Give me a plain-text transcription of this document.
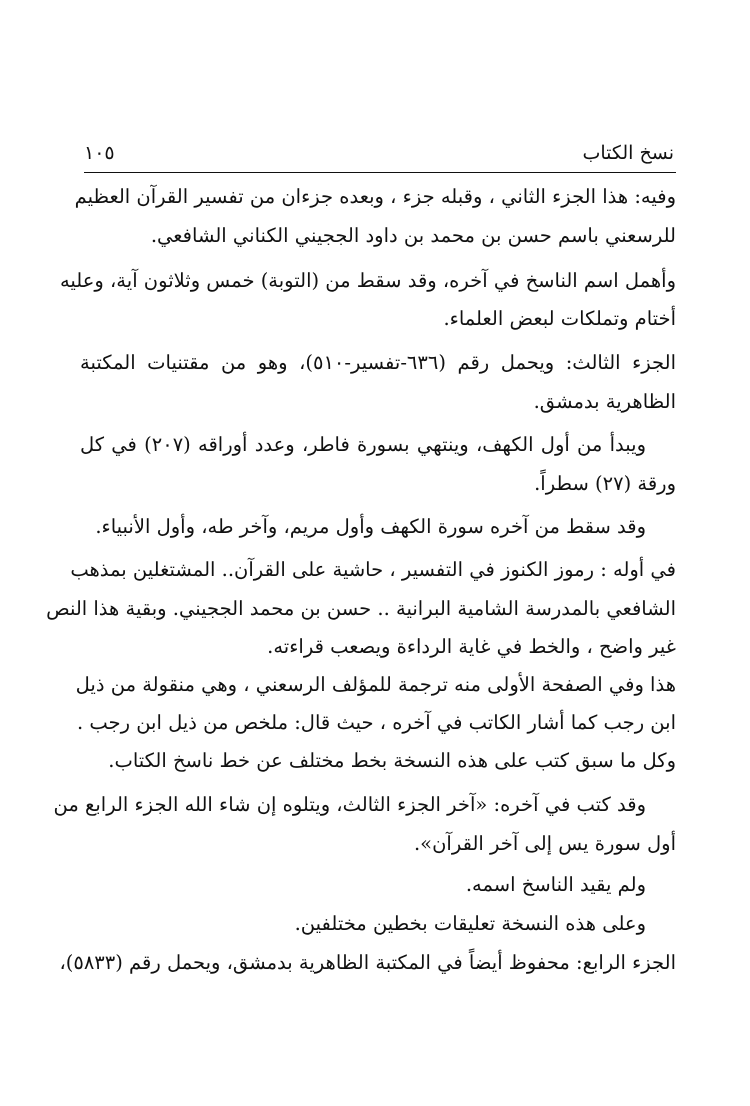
نسخ الكتاب
١٠٥
وفيه: هذا الجزء الثاني ، وقبله جزء ، وبعده جزءان من تفسير القرآن العظيم
للرسعني باسم حسن بن محمد بن داود الججيني الكناني الشافعي.
وأهمل اسم الناسخ في آخره، وقد سقط من (التوبة) خمس وثلاثون آية، وعليه
أختام وتملكات لبعض العلماء.
الجزء الثالث: ويحمل رقم (٦٣٦-تفسير-٥١٠)، وهو من مقتنيات المكتبة
الظاهرية بدمشق.
ويبدأ من أول الكهف، وينتهي بسورة فاطر، وعدد أوراقه (٢٠٧) في كل
ورقة (٢٧) سطراً.
وقد سقط من آخره سورة الكهف وأول مريم، وآخر طه، وأول الأنبياء.
في أوله : رموز الكنوز في التفسير ، حاشية على القرآن.. المشتغلين بمذهب
الشافعي بالمدرسة الشامية البرانية .. حسن بن محمد الججيني. وبقية هذا النص
غير واضح ، والخط في غاية الرداءة ويصعب قراءته.
هذا وفي الصفحة الأولى منه ترجمة للمؤلف الرسعني ، وهي منقولة من ذيل
ابن رجب كما أشار الكاتب في آخره ، حيث قال: ملخص من ذيل ابن رجب .
وكل ما سبق كتب على هذه النسخة بخط مختلف عن خط ناسخ الكتاب.
وقد كتب في آخره: «آخر الجزء الثالث، ويتلوه إن شاء الله الجزء الرابع من
أول سورة يس إلى آخر القرآن».
ولم يقيد الناسخ اسمه.
وعلى هذه النسخة تعليقات بخطين مختلفين.
الجزء الرابع: محفوظ أيضاً في المكتبة الظاهرية بدمشق، ويحمل رقم (٥٨٣٣)،
